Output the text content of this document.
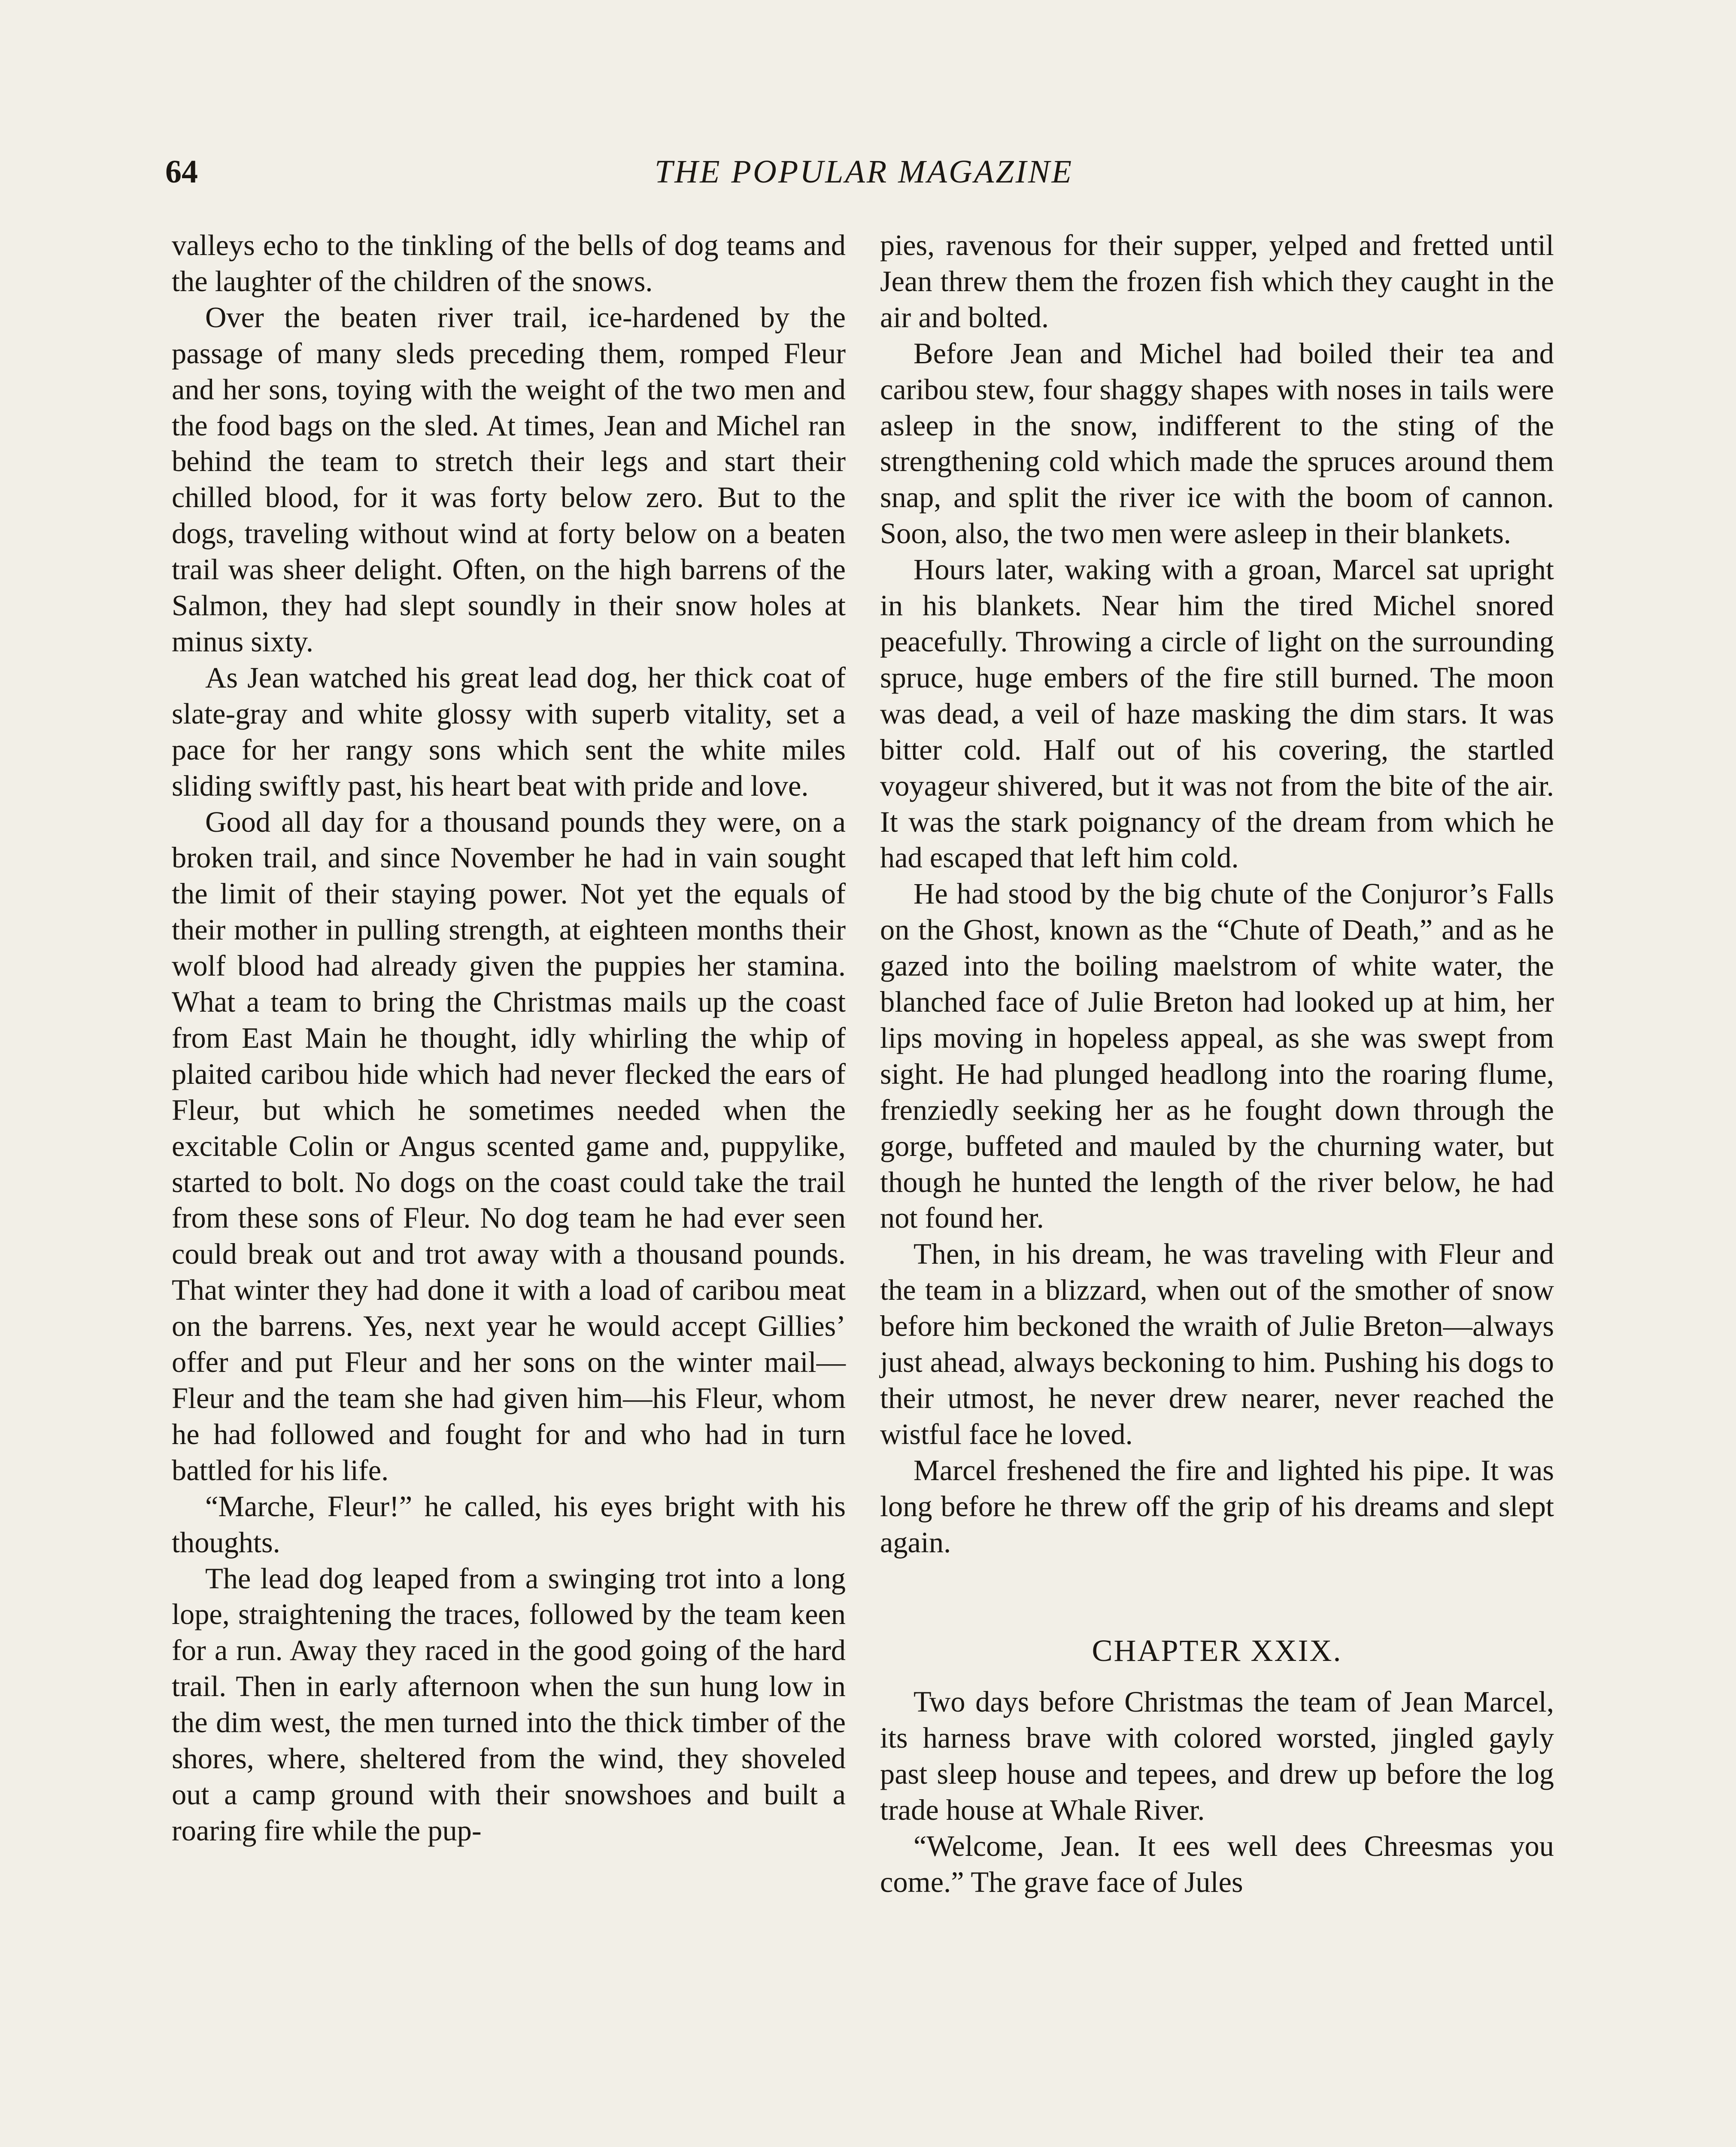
64	THE POPULAR MAGAZINE

valleys echo to the tinkling of the bells of dog teams and the laughter of the children of the snows.

Over the beaten river trail, ice-hardened by the passage of many sleds preceding them, romped Fleur and her sons, toying with the weight of the two men and the food bags on the sled. At times, Jean and Michel ran behind the team to stretch their legs and start their chilled blood, for it was forty below zero. But to the dogs, traveling without wind at forty below on a beaten trail was sheer delight. Often, on the high barrens of the Salmon, they had slept soundly in their snow holes at minus sixty.

As Jean watched his great lead dog, her thick coat of slate-gray and white glossy with superb vitality, set a pace for her rangy sons which sent the white miles sliding swiftly past, his heart beat with pride and love.

Good all day for a thousand pounds they were, on a broken trail, and since November he had in vain sought the limit of their staying power. Not yet the equals of their mother in pulling strength, at eighteen months their wolf blood had already given the puppies her stamina. What a team to bring the Christmas mails up the coast from East Main he thought, idly whirling the whip of plaited caribou hide which had never flecked the ears of Fleur, but which he sometimes needed when the excitable Colin or Angus scented game and, puppylike, started to bolt. No dogs on the coast could take the trail from these sons of Fleur. No dog team he had ever seen could break out and trot away with a thousand pounds. That winter they had done it with a load of caribou meat on the barrens. Yes, next year he would accept Gillies’ offer and put Fleur and her sons on the winter mail—Fleur and the team she had given him—his Fleur, whom he had followed and fought for and who had in turn battled for his life.

“Marche, Fleur!” he called, his eyes bright with his thoughts.

The lead dog leaped from a swinging trot into a long lope, straightening the traces, followed by the team keen for a run. Away they raced in the good going of the hard trail. Then in early afternoon when the sun hung low in the dim west, the men turned into the thick timber of the shores, where, sheltered from the wind, they shoveled out a camp ground with their snowshoes and built a roaring fire while the pup-

pies, ravenous for their supper, yelped and fretted until Jean threw them the frozen fish which they caught in the air and bolted.

Before Jean and Michel had boiled their tea and caribou stew, four shaggy shapes with noses in tails were asleep in the snow, indifferent to the sting of the strengthening cold which made the spruces around them snap, and split the river ice with the boom of cannon. Soon, also, the two men were asleep in their blankets.

Hours later, waking with a groan, Marcel sat upright in his blankets. Near him the tired Michel snored peacefully. Throwing a circle of light on the surrounding spruce, huge embers of the fire still burned. The moon was dead, a veil of haze masking the dim stars. It was bitter cold. Half out of his covering, the startled voyageur shivered, but it was not from the bite of the air. It was the stark poignancy of the dream from which he had escaped that left him cold.

He had stood by the big chute of the Conjuror’s Falls on the Ghost, known as the “Chute of Death,” and as he gazed into the boiling maelstrom of white water, the blanched face of Julie Breton had looked up at him, her lips moving in hopeless appeal, as she was swept from sight. He had plunged headlong into the roaring flume, frenziedly seeking her as he fought down through the gorge, buffeted and mauled by the churning water, but though he hunted the length of the river below, he had not found her.

Then, in his dream, he was traveling with Fleur and the team in a blizzard, when out of the smother of snow before him beckoned the wraith of Julie Breton—always just ahead, always beckoning to him. Pushing his dogs to their utmost, he never drew nearer, never reached the wistful face he loved.

Marcel freshened the fire and lighted his pipe. It was long before he threw off the grip of his dreams and slept again.

CHAPTER XXIX.

Two days before Christmas the team of Jean Marcel, its harness brave with colored worsted, jingled gayly past sleep house and tepees, and drew up before the log trade house at Whale River.

“Welcome, Jean. It ees well dees Chreesmas you come.” The grave face of Jules
